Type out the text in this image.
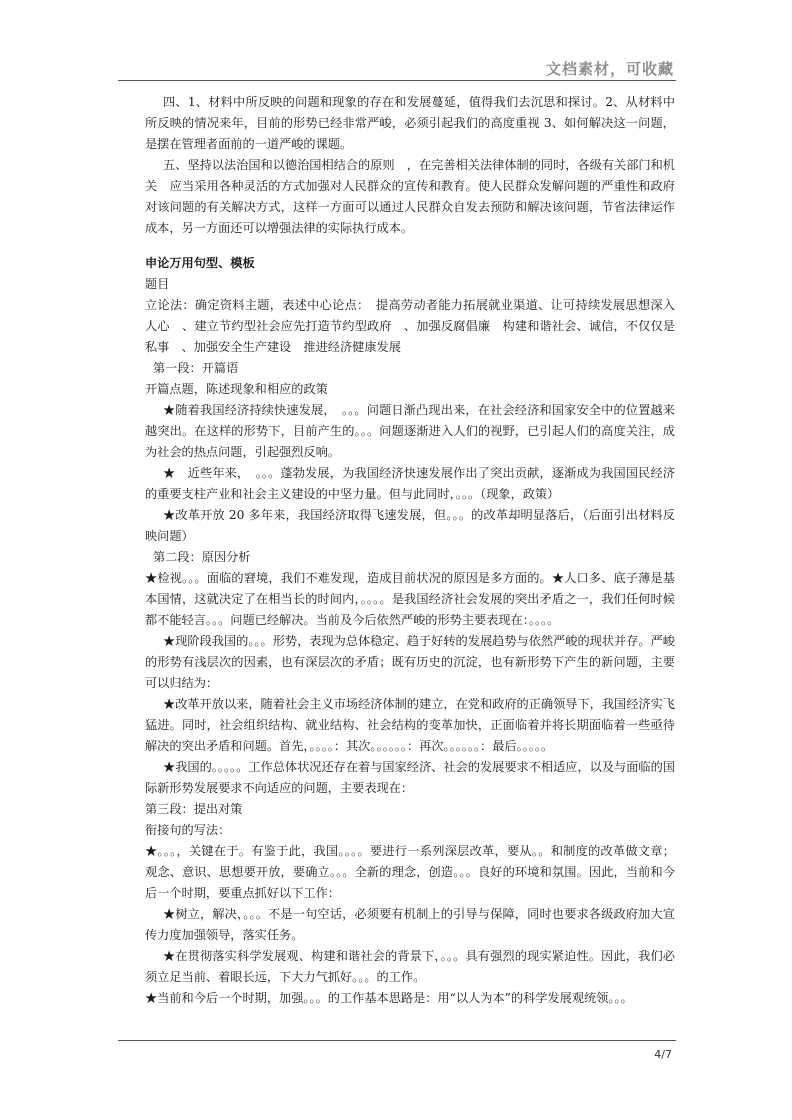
文档素材，可收藏

四、1、材料中所反映的问题和现象的存在和发展蔓延，值得我们去沉思和探讨。2、从材料中所反映的情况来年，目前的形势已经非常严峻，必须引起我们的高度重视 3、如何解决这一问题，是摆在管理者面前的一道严峻的课题。

五、坚持以法治国和以德治国相结合的原则　，在完善相关法律体制的同时，各级有关部门和机关　应当采用各种灵活的方式加强对人民群众的宣传和教育。使人民群众发解问题的严重性和政府对该问题的有关解决方式，这样一方面可以通过人民群众自发去预防和解决该问题，节省法律运作成本，另一方面还可以增强法律的实际执行成本。

申论万用句型、模板

题目

立论法：确定资料主题，表述中心论点：　提高劳动者能力拓展就业渠道、让可持续发展思想深入人心　、建立节约型社会应先打造节约型政府　、加强反腐倡廉　构建和谐社会、诚信，不仅仅是私事　、加强安全生产建设　推进经济健康发展

第一段：开篇语

开篇点题，陈述现象和相应的政策

★随着我国经济持续快速发展，　。。。问题日渐凸现出来，在社会经济和国家安全中的位置越来越突出。在这样的形势下，目前产生的。。。问题逐渐进入人们的视野，已引起人们的高度关注，成为社会的热点问题，引起强烈反响。

★　近些年来，　。。。蓬勃发展，为我国经济快速发展作出了突出贡献，逐渐成为我国国民经济的重要支柱产业和社会主义建设的中坚力量。但与此同时，。。。（现象，政策）

★改革开放 20 多年来，我国经济取得飞速发展，但。。。的改革却明显落后，（后面引出材料反映问题）

第二段：原因分析

★检视。。。面临的窘境，我们不难发现，造成目前状况的原因是多方面的。★人口多、底子薄是基本国情，这就决定了在相当长的时间内，。。。。是我国经济社会发展的突出矛盾之一，我们任何时候都不能轻言。。。问题已经解决。当前及今后依然严峻的形势主要表现在：。。。。

★现阶段我国的。。。形势，表现为总体稳定、趋于好转的发展趋势与依然严峻的现状并存。严峻的形势有浅层次的因素，也有深层次的矛盾；既有历史的沉淀，也有新形势下产生的新问题，主要可以归结为：

★改革开放以来，随着社会主义市场经济体制的建立，在党和政府的正确领导下，我国经济实飞猛进。同时，社会组织结构、就业结构、社会结构的变革加快，正面临着并将长期面临着一些亟待解决的突出矛盾和问题。首先，。。。。：其次。。。。。。：再次。。。。。。：最后。。。。。

★我国的。。。。。工作总体状况还存在着与国家经济、社会的发展要求不相适应，以及与面临的国际新形势发展要求不向适应的问题，主要表现在：

第三段：提出对策

衔接句的写法：

★。。。，关键在于。有鉴于此，我国。。。。要进行一系列深层改革，要从。。和制度的改革做文章；观念、意识、思想要开放，要确立。。。全新的理念，创造。。。良好的环境和氛围。因此，当前和今后一个时期，要重点抓好以下工作：

★树立，解决，。。。不是一句空话，必须要有机制上的引导与保障，同时也要求各级政府加大宣传力度加强领导，落实任务。

★在贯彻落实科学发展观、构建和谐社会的背景下，。。。具有强烈的现实紧迫性。因此，我们必须立足当前、着眼长远，下大力气抓好。。。的工作。

★当前和今后一个时期，加强。。。的工作基本思路是：用“以人为本”的科学发展观统领。。。

4/7
